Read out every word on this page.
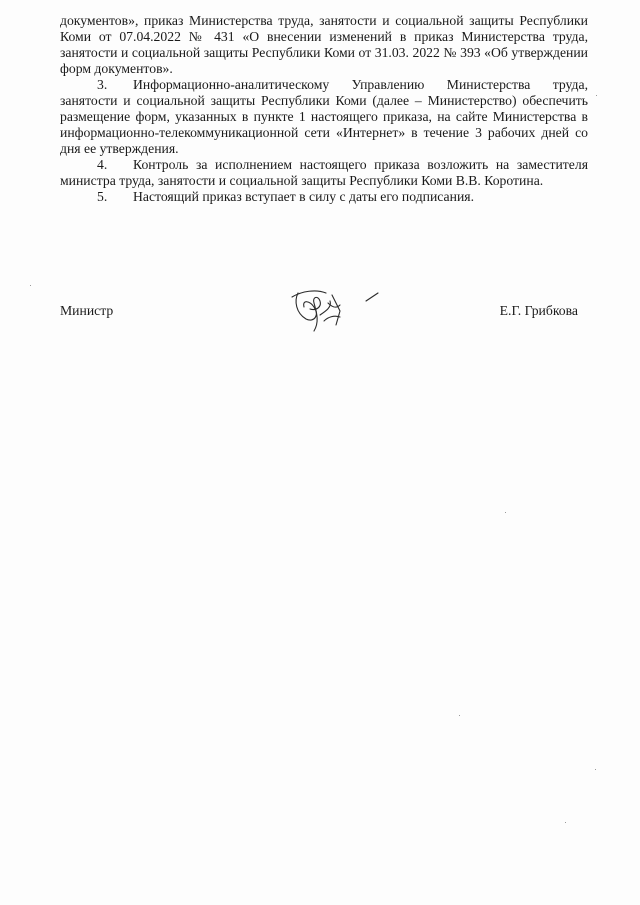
документов», приказ Министерства труда, занятости и социальной защиты Республики Коми от 07.04.2022 № 431 «О внесении изменений в приказ Министерства труда, занятости и социальной защиты Республики Коми от 31.03. 2022 № 393 «Об утверждении форм документов».

3. Информационно-аналитическому Управлению Министерства труда, занятости и социальной защиты Республики Коми (далее – Министерство) обеспечить размещение форм, указанных в пункте 1 настоящего приказа, на сайте Министерства в информационно-телекоммуникационной сети «Интернет» в течение 3 рабочих дней со дня ее утверждения.

4. Контроль за исполнением настоящего приказа возложить на заместителя министра труда, занятости и социальной защиты Республики Коми В.В. Коротина.

5. Настоящий приказ вступает в силу с даты его подписания.

Министр	Е.Г. Грибкова
